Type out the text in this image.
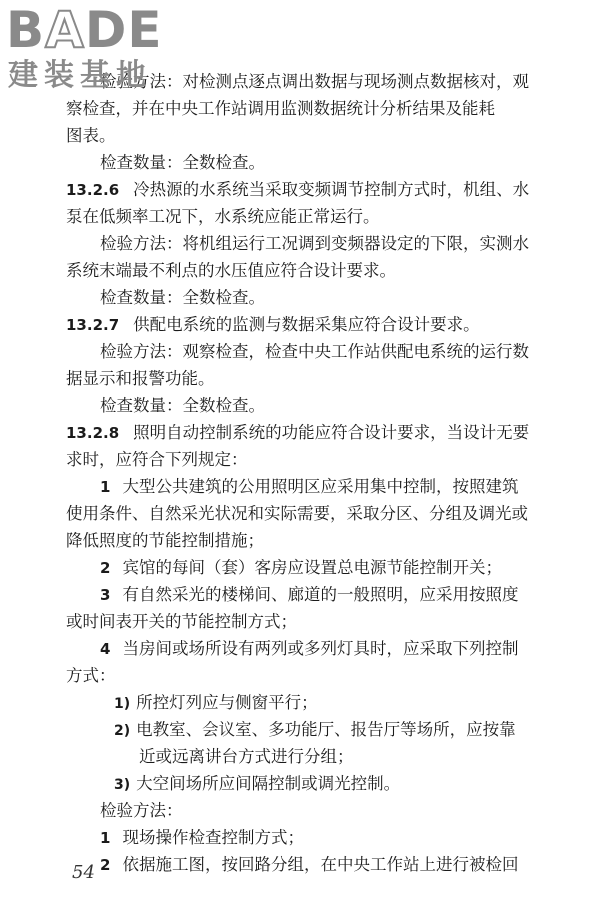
BADE
建装基地
检验方法：对检测点逐点调出数据与现场测点数据核对，观
察检查，并在中央工作站调用监测数据统计分析结果及能耗
图表。
检查数量：全数检查。
13.2.6 冷热源的水系统当采取变频调节控制方式时，机组、水
泵在低频率工况下，水系统应能正常运行。
检验方法：将机组运行工况调到变频器设定的下限，实测水
系统末端最不利点的水压值应符合设计要求。
检查数量：全数检查。
13.2.7 供配电系统的监测与数据采集应符合设计要求。
检验方法：观察检查，检查中央工作站供配电系统的运行数
据显示和报警功能。
检查数量：全数检查。
13.2.8 照明自动控制系统的功能应符合设计要求，当设计无要
求时，应符合下列规定：
1 大型公共建筑的公用照明区应采用集中控制，按照建筑
使用条件、自然采光状况和实际需要，采取分区、分组及调光或
降低照度的节能控制措施；
2 宾馆的每间（套）客房应设置总电源节能控制开关；
3 有自然采光的楼梯间、廊道的一般照明，应采用按照度
或时间表开关的节能控制方式；
4 当房间或场所设有两列或多列灯具时，应采取下列控制
方式：
1) 所控灯列应与侧窗平行；
2) 电教室、会议室、多功能厅、报告厅等场所，应按靠
近或远离讲台方式进行分组；
3) 大空间场所应间隔控制或调光控制。
检验方法：
1 现场操作检查控制方式；
2 依据施工图，按回路分组，在中央工作站上进行被检回
54
